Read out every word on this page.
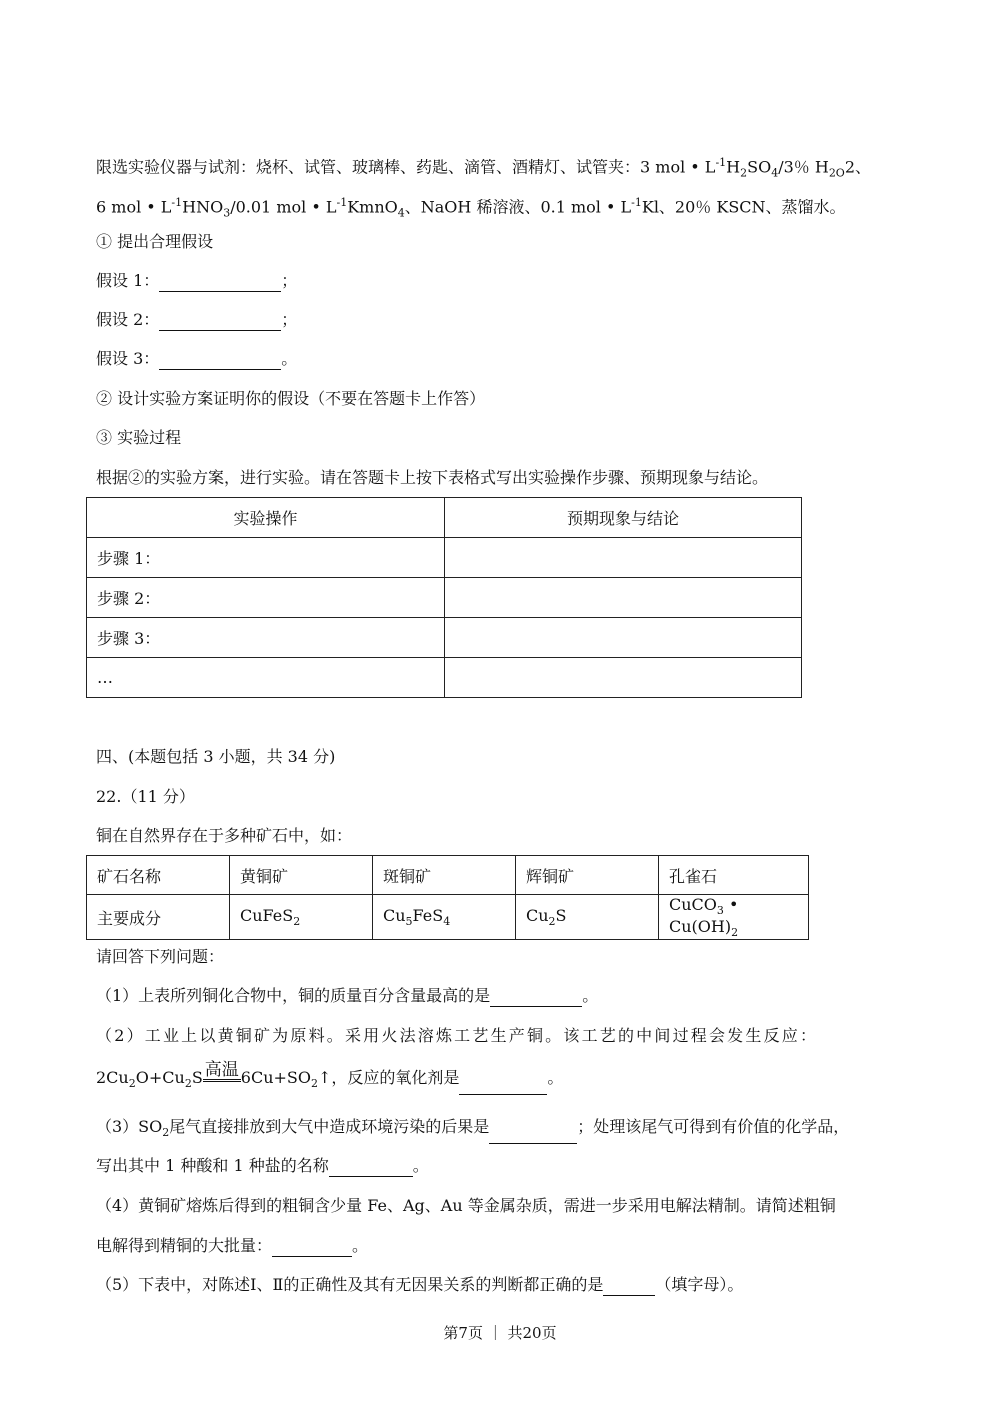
限选实验仪器与试剂：烧杯、试管、玻璃棒、药匙、滴管、酒精灯、试管夹：3 mol • $L^{-1}H_2SO_4/3$％ $H_{2O}2$、
6 mol • $L^{-1}HNO_3/0.01$ mol • $L^{-1}KmnO_4$、NaOH 稀溶液、0.1 mol • $L^{-1}Kl$、20％ KSCN、蒸馏水。
① 提出合理假设
假设 1：	；
假设 2：	；
假设 3：	。
② 设计实验方案证明你的假设（不要在答题卡上作答）
③ 实验过程
根据②的实验方案，进行实验。请在答题卡上按下表格式写出实验操作步骤、预期现象与结论。
实验操作	预期现象与结论
步骤 1：	
步骤 2：	
步骤 3：	
…	
四、(本题包括 3 小题，共 34 分)
22.（11 分）
铜在自然界存在于多种矿石中，如：
矿石名称	黄铜矿	斑铜矿	辉铜矿	孔雀石
主要成分	CuFeS$_2$	$Cu_5FeS_4$	$Cu_2S$	CuCO$_3$ • $Cu(OH)_2$
请回答下列问题：
（1）上表所列铜化合物中，铜的质量百分含量最高的是	。
（2）工业上以黄铜矿为原料。采用火法溶炼工艺生产铜。该工艺的中间过程会发生反应：
$2Cu_2O+Cu_2S$ 高温 $6Cu+SO_2↑$，反应的氧化剂是	。
$(3)SO_2$尾气直接排放到大气中造成环境污染的后果是	；处理该尾气可得到有价值的化学品，
写出其中 1 种酸和 1 种盐的名称	。
（4）黄铜矿熔炼后得到的粗铜含少量 Fe、Ag、Au 等金属杂质，需进一步采用电解法精制。请简述粗铜
电解得到精铜的大批量：	。
（5）下表中，对陈述Ⅰ、Ⅱ的正确性及其有无因果关系的判断都正确的是	（填字母）。
第7页 ｜ 共20页
